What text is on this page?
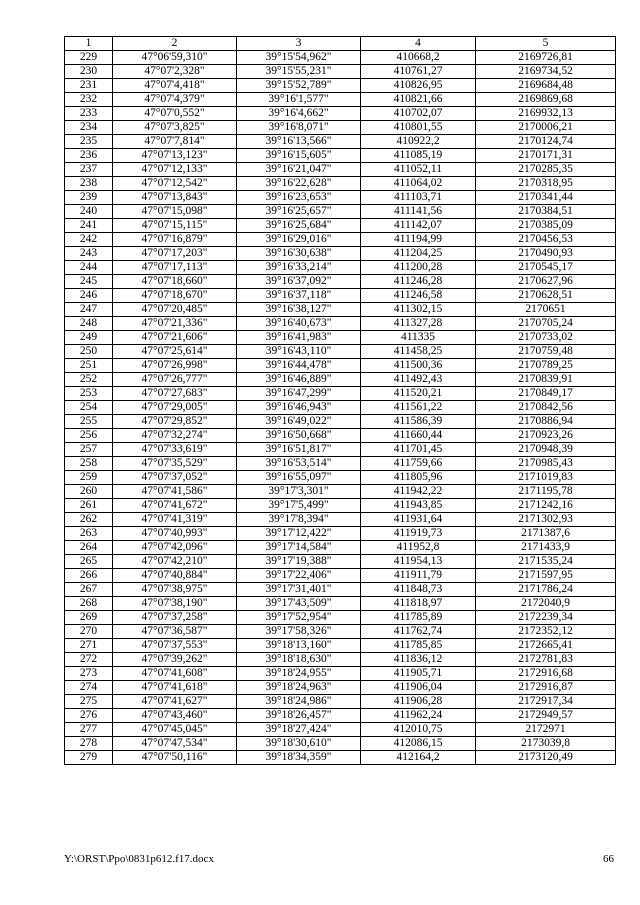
1	2	3	4	5
229	47°06'59,310"	39°15'54,962"	410668,2	2169726,81
230	47°07'2,328"	39°15'55,231"	410761,27	2169734,52
231	47°07'4,418"	39°15'52,789"	410826,95	2169684,48
232	47°07'4,379"	39°16'1,577"	410821,66	2169869,68
233	47°07'0,552"	39°16'4,662"	410702,07	2169932,13
234	47°07'3,825"	39°16'8,071"	410801,55	2170006,21
235	47°07'7,814"	39°16'13,566"	410922,2	2170124,74
236	47°07'13,123"	39°16'15,605"	411085,19	2170171,31
237	47°07'12,133"	39°16'21,047"	411052,11	2170285,35
238	47°07'12,542"	39°16'22,628"	411064,02	2170318,95
239	47°07'13,843"	39°16'23,653"	411103,71	2170341,44
240	47°07'15,098"	39°16'25,657"	411141,56	2170384,51
241	47°07'15,115"	39°16'25,684"	411142,07	2170385,09
242	47°07'16,879"	39°16'29,016"	411194,99	2170456,53
243	47°07'17,203"	39°16'30,638"	411204,25	2170490,93
244	47°07'17,113"	39°16'33,214"	411200,28	2170545,17
245	47°07'18,660"	39°16'37,092"	411246,28	2170627,96
246	47°07'18,670"	39°16'37,118"	411246,58	2170628,51
247	47°07'20,485"	39°16'38,127"	411302,15	2170651
248	47°07'21,336"	39°16'40,673"	411327,28	2170705,24
249	47°07'21,606"	39°16'41,983"	411335	2170733,02
250	47°07'25,614"	39°16'43,110"	411458,25	2170759,48
251	47°07'26,998"	39°16'44,478"	411500,36	2170789,25
252	47°07'26,777"	39°16'46,889"	411492,43	2170839,91
253	47°07'27,683"	39°16'47,299"	411520,21	2170849,17
254	47°07'29,005"	39°16'46,943"	411561,22	2170842,56
255	47°07'29,852"	39°16'49,022"	411586,39	2170886,94
256	47°07'32,274"	39°16'50,668"	411660,44	2170923,26
257	47°07'33,619"	39°16'51,817"	411701,45	2170948,39
258	47°07'35,529"	39°16'53,514"	411759,66	2170985,43
259	47°07'37,052"	39°16'55,097"	411805,96	2171019,83
260	47°07'41,586"	39°17'3,301"	411942,22	2171195,78
261	47°07'41,672"	39°17'5,499"	411943,85	2171242,16
262	47°07'41,319"	39°17'8,394"	411931,64	2171302,93
263	47°07'40,993"	39°17'12,422"	411919,73	2171387,6
264	47°07'42,096"	39°17'14,584"	411952,8	2171433,9
265	47°07'42,210"	39°17'19,388"	411954,13	2171535,24
266	47°07'40,884"	39°17'22,406"	411911,79	2171597,95
267	47°07'38,975"	39°17'31,401"	411848,73	2171786,24
268	47°07'38,190"	39°17'43,509"	411818,97	2172040,9
269	47°07'37,258"	39°17'52,954"	411785,89	2172239,34
270	47°07'36,587"	39°17'58,326"	411762,74	2172352,12
271	47°07'37,553"	39°18'13,160"	411785,85	2172665,41
272	47°07'39,262"	39°18'18,630"	411836,12	2172781,83
273	47°07'41,608"	39°18'24,955"	411905,71	2172916,68
274	47°07'41,618"	39°18'24,963"	411906,04	2172916,87
275	47°07'41,627"	39°18'24,986"	411906,28	2172917,34
276	47°07'43,460"	39°18'26,457"	411962,24	2172949,57
277	47°07'45,045"	39°18'27,424"	412010,75	2172971
278	47°07'47,534"	39°18'30,610"	412086,15	2173039,8
279	47°07'50,116"	39°18'34,359"	412164,2	2173120,49
Y:\ORST\Ppo\0831p612.f17.docx	66
